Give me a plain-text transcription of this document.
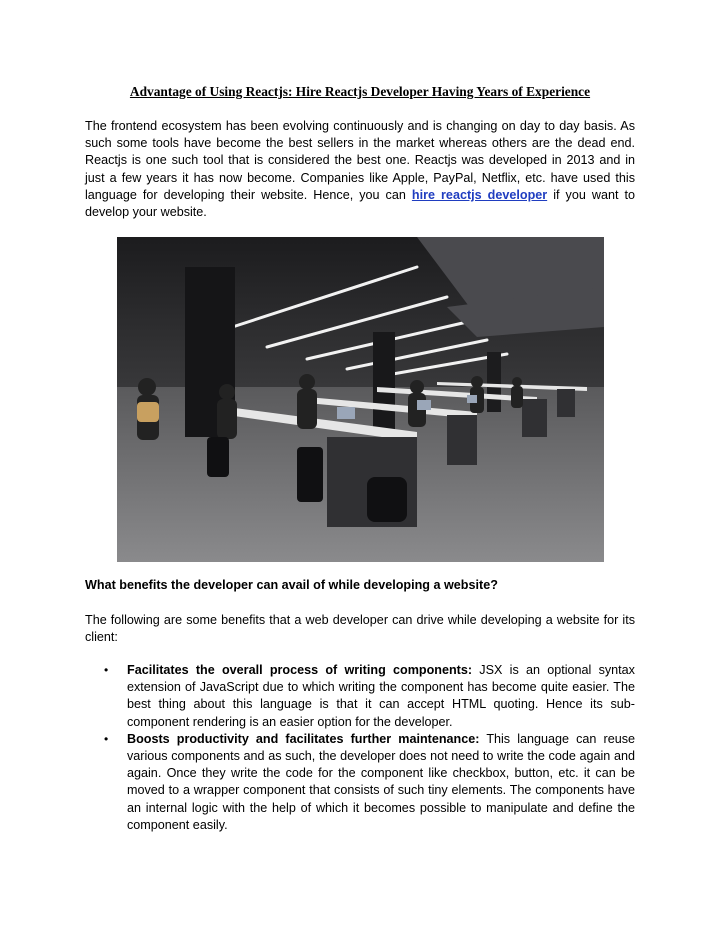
Advantage of Using Reactjs: Hire Reactjs Developer Having Years of Experience

The frontend ecosystem has been evolving continuously and is changing on day to day basis. As such some tools have become the best sellers in the market whereas others are the dead end. Reactjs is one such tool that is considered the best one. Reactjs was developed in 2013 and in just a few years it has now become. Companies like Apple, PayPal, Netflix, etc. have used this language for developing their website. Hence, you can hire reactjs developer if you want to develop your website.

What benefits the developer can avail of while developing a website?

The following are some benefits that a web developer can drive while developing a website for its client:

• Facilitates the overall process of writing components: JSX is an optional syntax extension of JavaScript due to which writing the component has become quite easier. The best thing about this language is that it can accept HTML quoting. Hence its sub-component rendering is an easier option for the developer.
• Boosts productivity and facilitates further maintenance: This language can reuse various components and as such, the developer does not need to write the code again and again. Once they write the code for the component like checkbox, button, etc. it can be moved to a wrapper component that consists of such tiny elements. The components have an internal logic with the help of which it becomes possible to manipulate and define the component easily.
